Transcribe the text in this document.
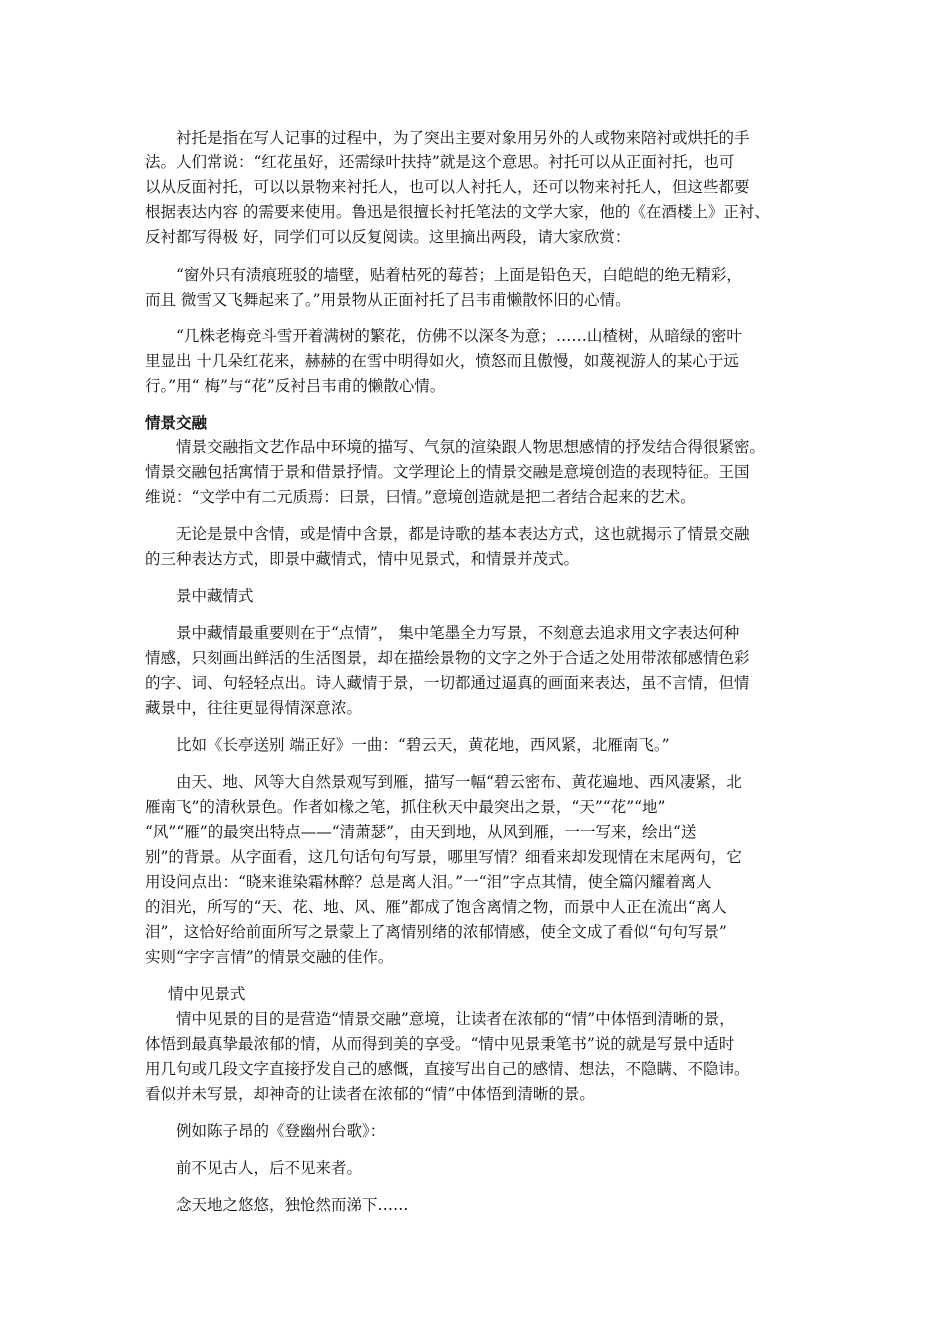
衬托是指在写人记事的过程中，为了突出主要对象用另外的人或物来陪衬或烘托的手

法。人们常说：“红花虽好，还需绿叶扶持”就是这个意思。衬托可以从正面衬托，也可

以从反面衬托，可以以景物来衬托人，也可以人衬托人，还可以物来衬托人，但这些都要

根据表达内容 的需要来使用。鲁迅是很擅长衬托笔法的文学大家，他的《在酒楼上》正衬、

反衬都写得极 好，同学们可以反复阅读。这里摘出两段，请大家欣赏：

“窗外只有渍痕班驳的墙壁，贴着枯死的莓苔；上面是铅色天，白皑皑的绝无精彩，

而且 微雪又飞舞起来了。”用景物从正面衬托了吕韦甫懒散怀旧的心情。

“几株老梅竞斗雪开着满树的繁花，仿佛不以深冬为意；……山楂树，从暗绿的密叶

里显出 十几朵红花来，赫赫的在雪中明得如火，愤怒而且傲慢，如蔑视游人的某心于远

行。”用“ 梅”与“花”反衬吕韦甫的懒散心情。

情景交融

情景交融指文艺作品中环境的描写、气氛的渲染跟人物思想感情的抒发结合得很紧密。

情景交融包括寓情于景和借景抒情。文学理论上的情景交融是意境创造的表现特征。王国

维说：“文学中有二元质焉：曰景，曰情。”意境创造就是把二者结合起来的艺术。

无论是景中含情，或是情中含景，都是诗歌的基本表达方式，这也就揭示了情景交融

的三种表达方式，即景中藏情式，情中见景式，和情景并茂式。

景中藏情式

景中藏情最重要则在于“点情”， 集中笔墨全力写景，不刻意去追求用文字表达何种

情感，只刻画出鲜活的生活图景，却在描绘景物的文字之外于合适之处用带浓郁感情色彩

的字、词、句轻轻点出。诗人藏情于景，一切都通过逼真的画面来表达，虽不言情，但情

藏景中，往往更显得情深意浓。

比如《长亭送别 端正好》一曲：“碧云天，黄花地，西风紧，北雁南飞。”

由天、地、风等大自然景观写到雁，描写一幅“碧云密布、黄花遍地、西风凄紧，北

雁南飞”的清秋景色。作者如椽之笔，抓住秋天中最突出之景，“天”“花”“地”

“风”“雁”的最突出特点——“清萧瑟”，由天到地，从风到雁，一一写来，绘出“送

别”的背景。从字面看，这几句话句句写景，哪里写情？细看来却发现情在末尾两句，它

用设问点出：“晓来谁染霜林醉？总是离人泪。”一“泪”字点其情，使全篇闪耀着离人

的泪光，所写的“天、花、地、风、雁”都成了饱含离情之物，而景中人正在流出“离人

泪”，这恰好给前面所写之景蒙上了离情别绪的浓郁情感，使全文成了看似“句句写景”

实则“字字言情”的情景交融的佳作。

情中见景式

情中见景的目的是营造“情景交融”意境，让读者在浓郁的“情”中体悟到清晰的景，

体悟到最真挚最浓郁的情，从而得到美的享受。“情中见景秉笔书”说的就是写景中适时

用几句或几段文字直接抒发自己的感慨，直接写出自己的感情、想法，不隐瞒、不隐讳。

看似并未写景，却神奇的让读者在浓郁的“情”中体悟到清晰的景。

例如陈子昂的《登幽州台歌》：

前不见古人，后不见来者。

念天地之悠悠，独怆然而涕下……
